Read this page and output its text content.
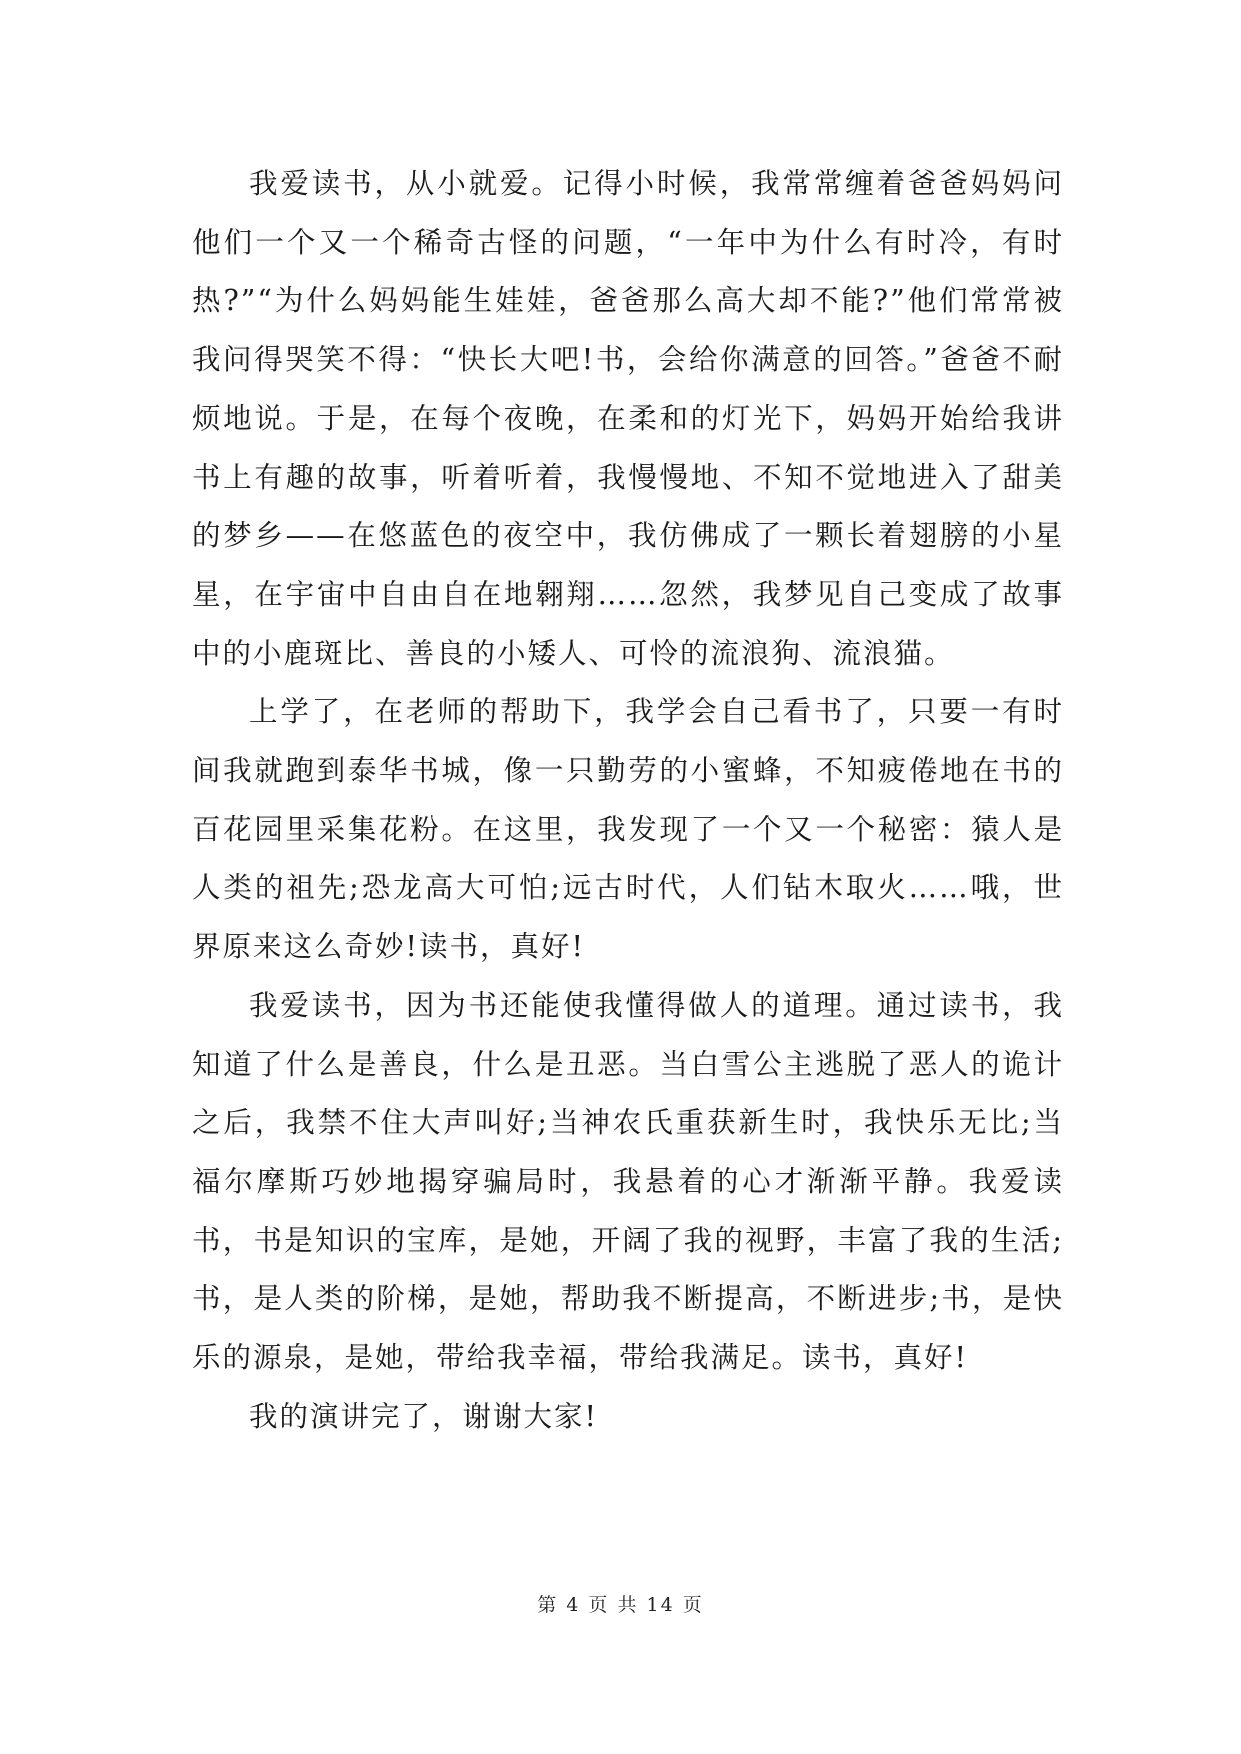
我爱读书，从小就爱。记得小时候，我常常缠着爸爸妈妈问他们一个又一个稀奇古怪的问题，“一年中为什么有时冷，有时热?”“为什么妈妈能生娃娃，爸爸那么高大却不能?”他们常常被我问得哭笑不得：“快长大吧!书，会给你满意的回答。”爸爸不耐烦地说。于是，在每个夜晚，在柔和的灯光下，妈妈开始给我讲书上有趣的故事，听着听着，我慢慢地、不知不觉地进入了甜美的梦乡——在悠蓝色的夜空中，我仿佛成了一颗长着翅膀的小星星，在宇宙中自由自在地翱翔……忽然，我梦见自己变成了故事中的小鹿斑比、善良的小矮人、可怜的流浪狗、流浪猫。

上学了，在老师的帮助下，我学会自己看书了，只要一有时间我就跑到泰华书城，像一只勤劳的小蜜蜂，不知疲倦地在书的百花园里采集花粉。在这里，我发现了一个又一个秘密：猿人是人类的祖先;恐龙高大可怕;远古时代，人们钻木取火……哦，世界原来这么奇妙!读书，真好!

我爱读书，因为书还能使我懂得做人的道理。通过读书，我知道了什么是善良，什么是丑恶。当白雪公主逃脱了恶人的诡计之后，我禁不住大声叫好;当神农氏重获新生时，我快乐无比;当福尔摩斯巧妙地揭穿骗局时，我悬着的心才渐渐平静。我爱读书，书是知识的宝库，是她，开阔了我的视野，丰富了我的生活;书，是人类的阶梯，是她，帮助我不断提高，不断进步;书，是快乐的源泉，是她，带给我幸福，带给我满足。读书，真好!

我的演讲完了，谢谢大家!

第 4 页 共 14 页
